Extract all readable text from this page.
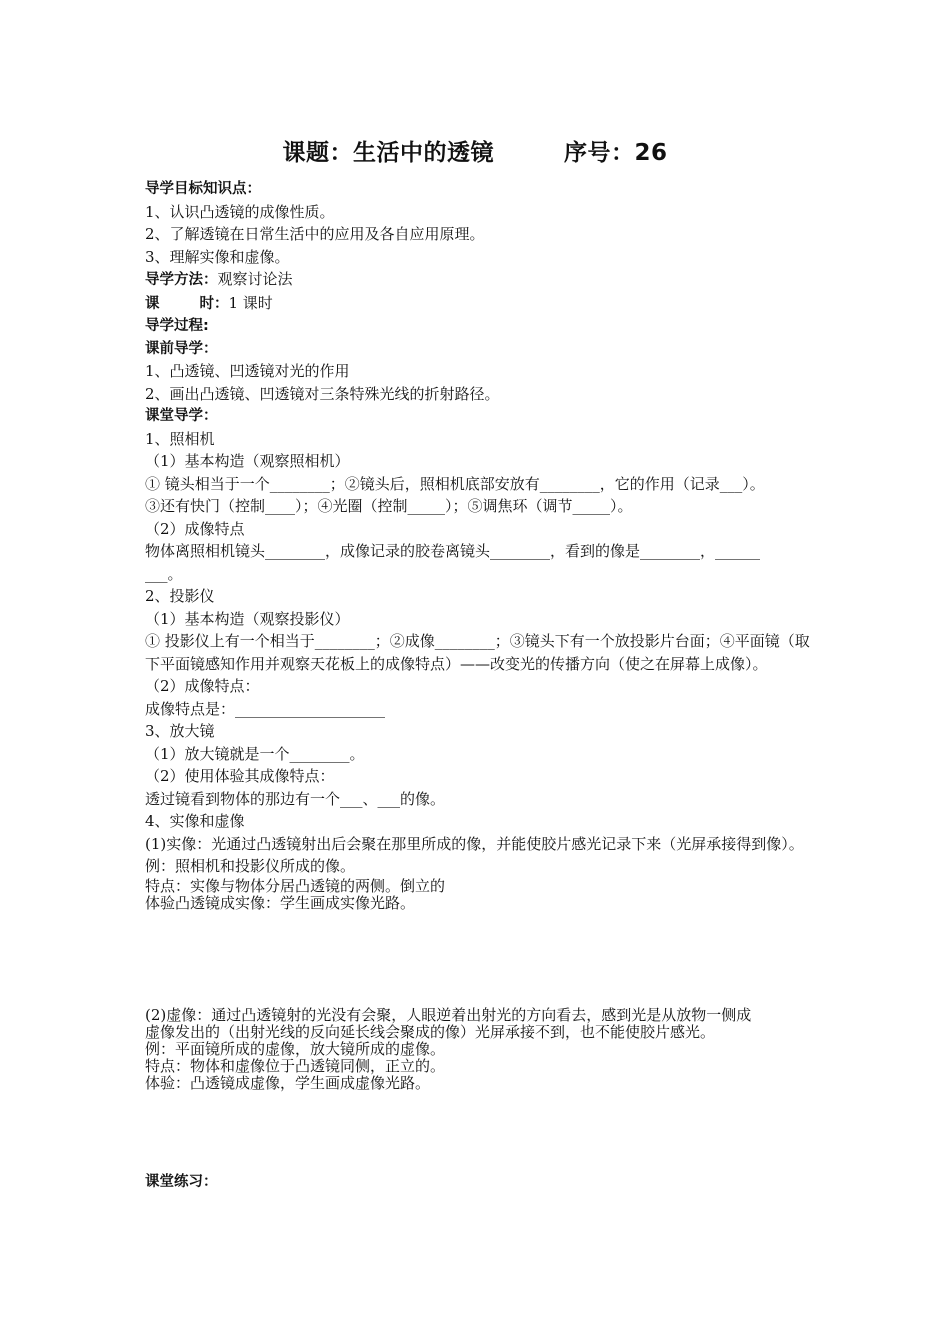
课题：生活中的透镜	序号：26
导学目标知识点：
1、认识凸透镜的成像性质。
2、了解透镜在日常生活中的应用及各自应用原理。
3、理解实像和虚像。
导学方法：观察讨论法
课	时：1 课时
导学过程:
课前导学：
1、凸透镜、凹透镜对光的作用
2、画出凸透镜、凹透镜对三条特殊光线的折射路径。
课堂导学：
1、照相机
（1）基本构造（观察照相机）
① 镜头相当于一个________；②镜头后，照相机底部安放有________，它的作用（记录___）。
③还有快门（控制____）；④光圈（控制_____）；⑤调焦环（调节_____）。
（2）成像特点
物体离照相机镜头________，成像记录的胶卷离镜头________，看到的像是________，______
___。
2、投影仪
（1）基本构造（观察投影仪）
① 投影仪上有一个相当于________；②成像________；③镜头下有一个放投影片台面；④平面镜（取下平面镜感知作用并观察天花板上的成像特点）——改变光的传播方向（使之在屏幕上成像）。
（2）成像特点：
成像特点是：____________________
3、放大镜
（1）放大镜就是一个________。
（2）使用体验其成像特点：
透过镜看到物体的那边有一个___、___的像。
4、实像和虚像
(1)实像：光通过凸透镜射出后会聚在那里所成的像，并能使胶片感光记录下来（光屏承接得到像）。
例：照相机和投影仪所成的像。
特点：实像与物体分居凸透镜的两侧。倒立的
体验凸透镜成实像：学生画成实像光路。
(2)虚像：通过凸透镜射的光没有会聚，人眼逆着出射光的方向看去，感到光是从放物一侧成
虚像发出的（出射光线的反向延长线会聚成的像）光屏承接不到，也不能使胶片感光。
例：平面镜所成的虚像，放大镜所成的虚像。
特点：物体和虚像位于凸透镜同侧，正立的。
体验：凸透镜成虚像，学生画成虚像光路。
课堂练习：
